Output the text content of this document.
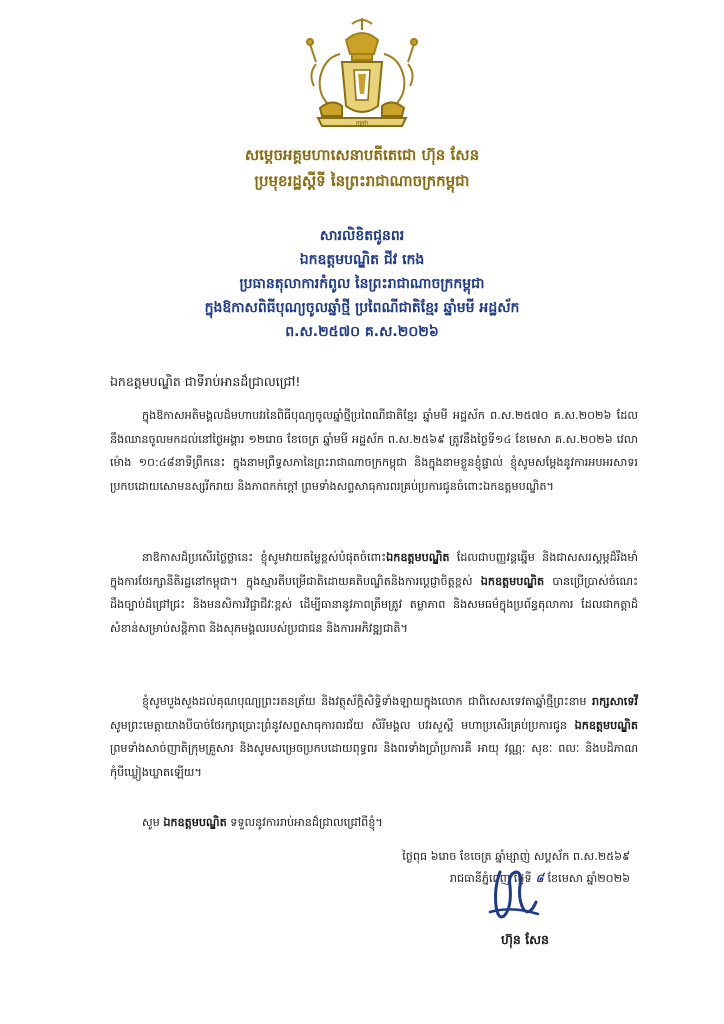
កម្ពុជា
សម្តេចអគ្គមហាសេនាបតីតេជោ ហ៊ុន សែន
ប្រមុខរដ្ឋស្តីទី នៃព្រះរាជាណាចក្រកម្ពុជា
សារលិខិតជូនពរ
ឯកឧត្តមបណ្ឌិត ជីវ កេង
ប្រធានតុលាការកំពូល នៃព្រះរាជាណាចក្រកម្ពុជា
ក្នុងឱកាសពិធីបុណ្យចូលឆ្នាំថ្មី ប្រពៃណីជាតិខ្មែរ ឆ្នាំមមី អដ្ឋស័ក
ព.ស.២៥៧០ គ.ស.២០២៦
ឯកឧត្តមបណ្ឌិត ជាទីរាប់អានដ៏ជ្រាលជ្រៅ!
ក្នុងឱកាសអតិមង្គលដ៏មហាបវរនៃពិធីបុណ្យចូលឆ្នាំថ្មីប្រពៃណីជាតិខ្មែរ ឆ្នាំមមី អដ្ឋស័ក ព.ស.២៥៧០ គ.ស.២០២៦ ដែលនឹងឈានចូលមកដល់នៅថ្ងៃអង្គារ ១២រោច ខែចេត្រ ឆ្នាំមមី អដ្ឋស័ក ព.ស.២៥៦៩ ត្រូវនឹងថ្ងៃទី១៤ ខែមេសា គ.ស.២០២៦ វេលាម៉ោង ១០:៤៨នាទីព្រឹកនេះ ក្នុងនាមព្រឹទ្ធសភានៃព្រះរាជាណាចក្រកម្ពុជា និងក្នុងនាមខ្លួនខ្ញុំផ្ទាល់ ខ្ញុំសូមសម្តែងនូវការអបអរសាទរប្រកបដោយសោមនស្សរីករាយ និងភាពកក់ក្តៅ ព្រមទាំងសព្ទសាធុការពរគ្រប់ប្រការជូនចំពោះឯកឧត្តមបណ្ឌិត។
នាឱកាសដ៏ប្រសើរថ្លៃថ្លានេះ ខ្ញុំសូមវាយតម្លៃខ្ពស់បំផុតចំពោះឯកឧត្តមបណ្ឌិត ដែលជាបញ្ញវន្តឆ្នើម និងជាសសរស្តម្ភដ៏រឹងមាំក្នុងការថែរក្សានីតិរដ្ឋនៅកម្ពុជា។ ក្នុងស្មារតីបម្រើជាតិដោយគតិបណ្ឌិតនិងការប្តេជ្ញាចិត្តខ្ពស់ ឯកឧត្តមបណ្ឌិត បានប្រើប្រាស់ចំណេះដឹងច្បាប់ដ៏ជ្រៅជ្រះ និងមនសិការវិជ្ជាជីវៈខ្ពស់ ដើម្បីធានានូវភាពត្រឹមត្រូវ តម្លាភាព និងសមធម៌ក្នុងប្រព័ន្ធតុលាការ ដែលជាកត្តាដ៏សំខាន់សម្រាប់សន្តិភាព និងសុភមង្គលរបស់ប្រជាជន និងការអភិវឌ្ឍជាតិ។
ខ្ញុំសូមបួងសួងដល់គុណបុណ្យព្រះរតនត្រ័យ និងវត្ថុស័ក្តិសិទ្ធិទាំងឡាយក្នុងលោក ជាពិសេសទេវតាឆ្នាំថ្មីព្រះនាម រាក្សសាទេវី សូមព្រះមេត្តាយាងបីបាច់ថែរក្សាប្រោះព្រំនូវសព្ទសាធុការពរជ័យ សិរីមង្គល បវរសួស្តី មហាប្រសើរគ្រប់ប្រការជូន ឯកឧត្តមបណ្ឌិត ព្រមទាំងសាច់ញាតិក្រុមគ្រួសារ និងសូមសម្រេចប្រកបដោយពុទ្ធពរ និងពរទាំងប្រាំប្រការគឺ អាយុ វណ្ណៈ សុខៈ ពលៈ និងបដិភាណ កុំបីឃ្លៀងឃ្លាតឡើយ។
សូម ឯកឧត្តមបណ្ឌិត ទទួលនូវការរាប់អានដ៏ជ្រាលជ្រៅពីខ្ញុំ។
ថ្ងៃពុធ ៦រោច ខែចេត្រ ឆ្នាំម្សាញ់ សប្តស័ក ព.ស.២៥៦៩
រាជធានីភ្នំពេញ ថ្ងៃទី ៨ ខែមេសា ឆ្នាំ២០២៦
ហ៊ុន សែន
